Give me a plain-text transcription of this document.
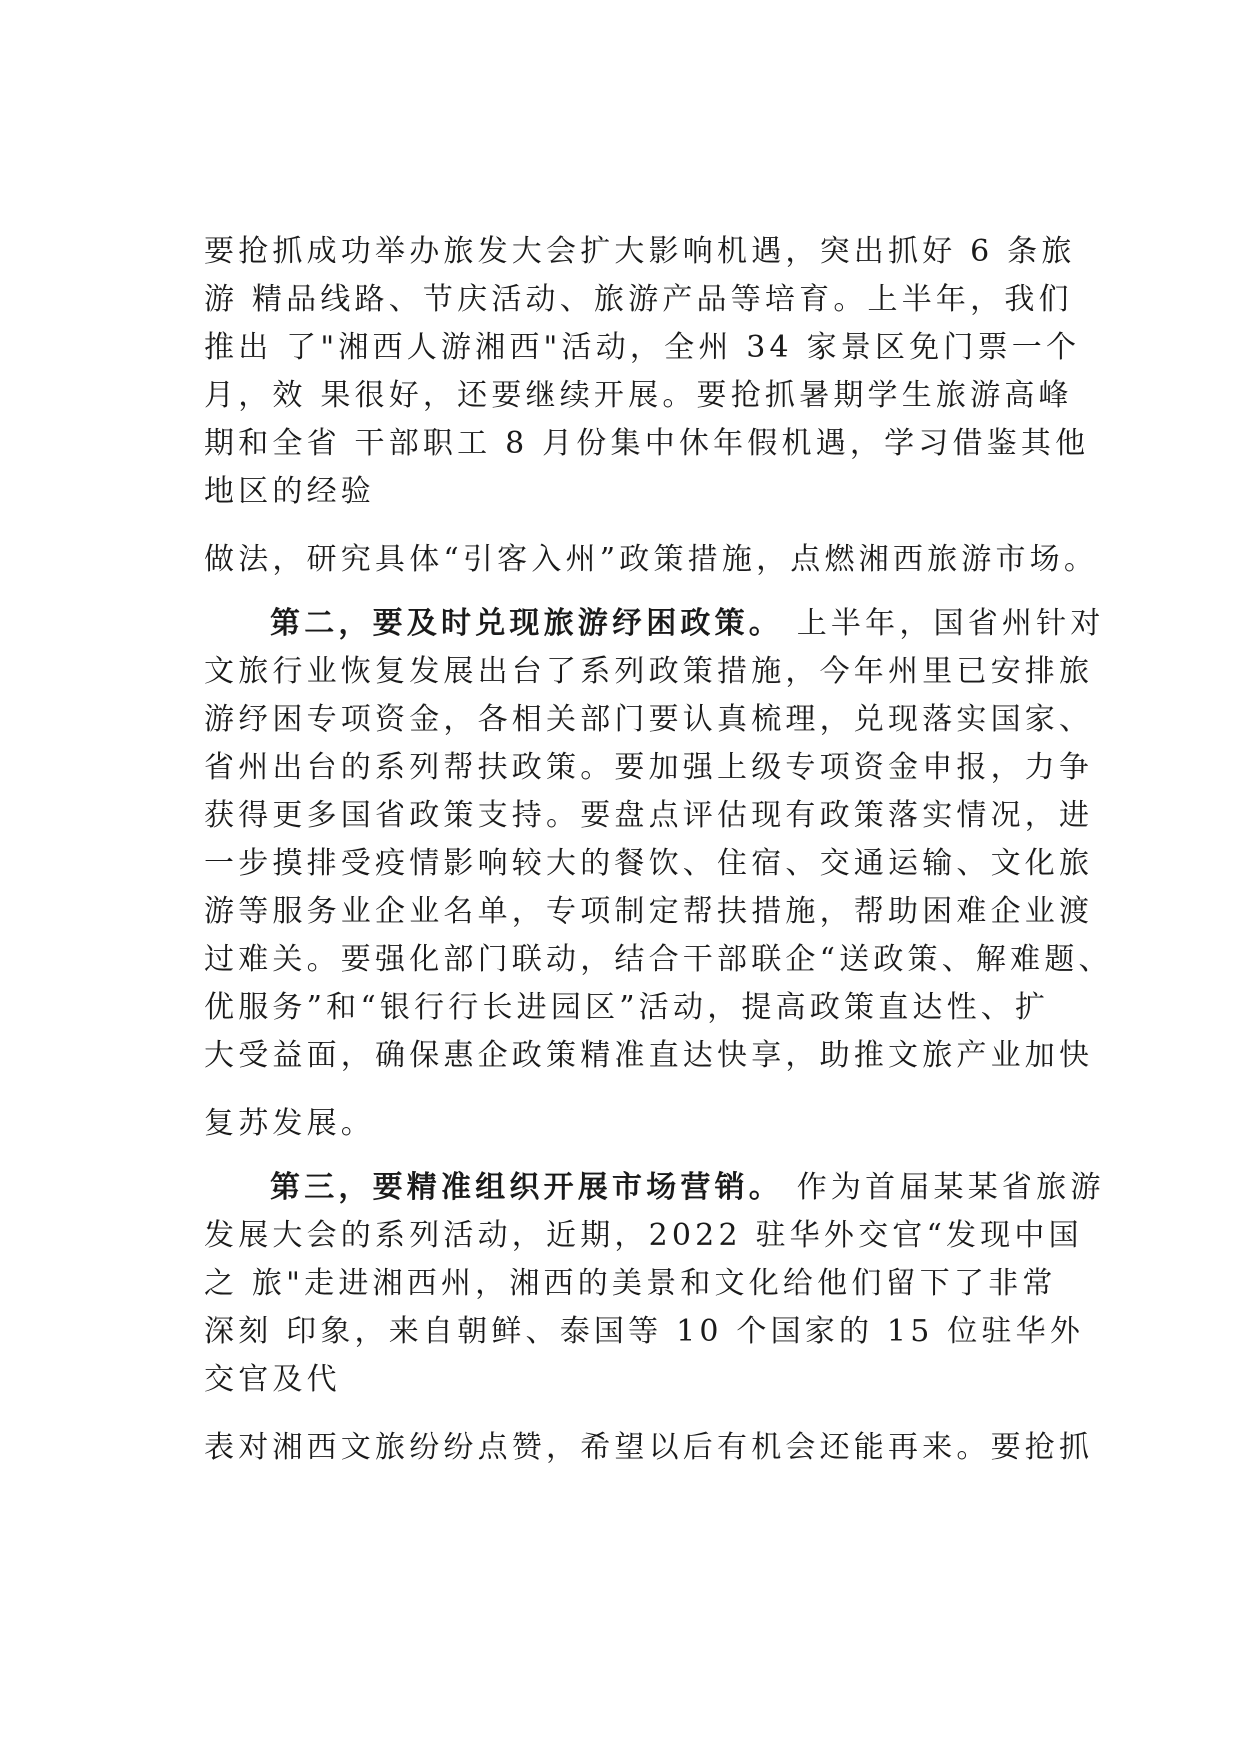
要抢抓成功举办旅发大会扩大影响机遇，突出抓好 6 条旅
游 精品线路、节庆活动、旅游产品等培育。上半年，我们
推出 了"湘西人游湘西"活动，全州 34 家景区免门票一个
月，效 果很好，还要继续开展。要抢抓暑期学生旅游高峰
期和全省 干部职工 8 月份集中休年假机遇，学习借鉴其他
地区的经验
做法，研究具体“引客入州”政策措施，点燃湘西旅游市场。
第二，要及时兑现旅游纾困政策。 上半年，国省州针对
文旅行业恢复发展出台了系列政策措施，今年州里已安排旅
游纾困专项资金，各相关部门要认真梳理，兑现落实国家、
省州出台的系列帮扶政策。要加强上级专项资金申报，力争
获得更多国省政策支持。要盘点评估现有政策落实情况，进
一步摸排受疫情影响较大的餐饮、住宿、交通运输、文化旅
游等服务业企业名单，专项制定帮扶措施，帮助困难企业渡
过难关。要强化部门联动，结合干部联企“送政策、解难题、
优服务”和“银行行长进园区”活动，提高政策直达性、扩
大受益面，确保惠企政策精准直达快享，助推文旅产业加快
复苏发展。
第三，要精准组织开展市场营销。 作为首届某某省旅游
发展大会的系列活动，近期，2022 驻华外交官“发现中国
之 旅"走进湘西州，湘西的美景和文化给他们留下了非常
深刻 印象，来自朝鲜、泰国等 10 个国家的 15 位驻华外
交官及代
表对湘西文旅纷纷点赞，希望以后有机会还能再来。要抢抓
